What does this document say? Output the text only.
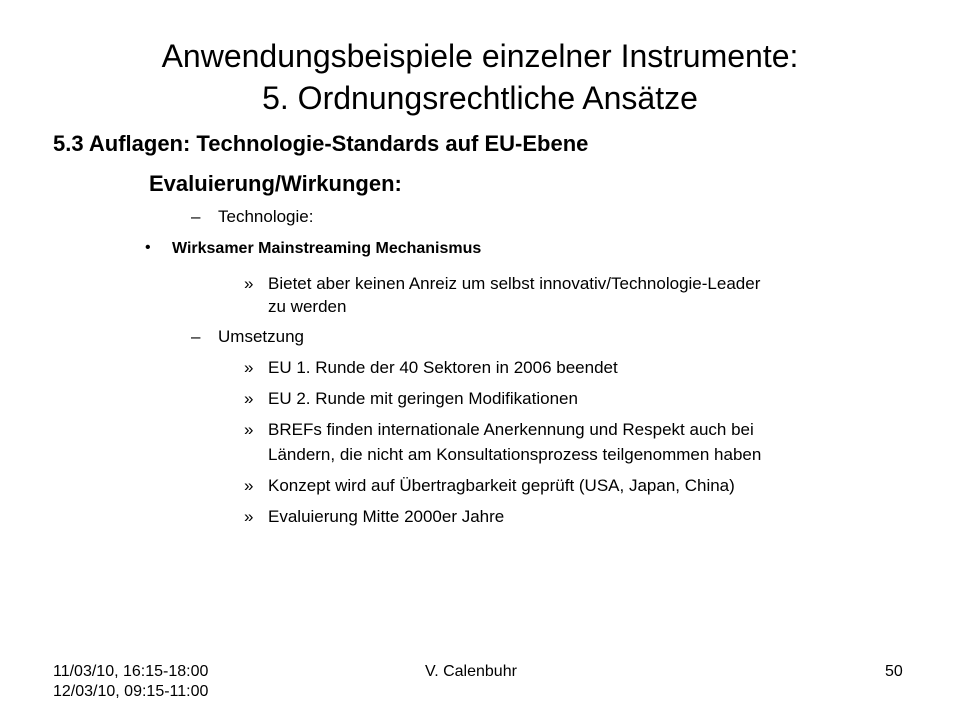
Anwendungsbeispiele einzelner Instrumente:
5. Ordnungsrechtliche Ansätze
5.3 Auflagen: Technologie-Standards auf EU-Ebene
Evaluierung/Wirkungen:
– Technologie:
• Wirksamer Mainstreaming Mechanismus
» Bietet aber keinen Anreiz um selbst innovativ/Technologie-Leader
zu werden
– Umsetzung
» EU 1. Runde der 40 Sektoren in 2006 beendet
» EU 2. Runde mit geringen Modifikationen
» BREFs finden internationale Anerkennung und Respekt auch bei
Ländern, die nicht am Konsultationsprozess teilgenommen haben
» Konzept wird auf Übertragbarkeit geprüft (USA, Japan, China)
» Evaluierung Mitte 2000er Jahre
11/03/10, 16:15-18:00
12/03/10, 09:15-11:00
V. Calenbuhr	50
